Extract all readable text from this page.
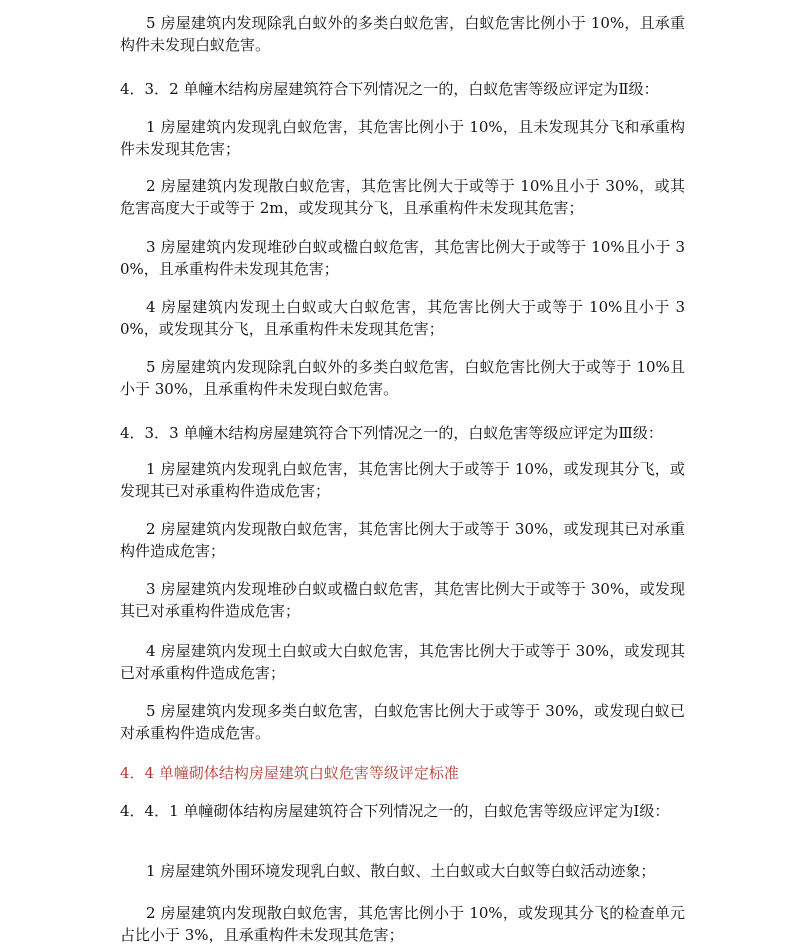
5 房屋建筑内发现除乳白蚁外的多类白蚁危害，白蚁危害比例小于 10%，且承重构件未发现白蚁危害。

4．3．2 单幢木结构房屋建筑符合下列情况之一的，白蚁危害等级应评定为Ⅱ级：

1 房屋建筑内发现乳白蚁危害，其危害比例小于 10%，且未发现其分飞和承重构件未发现其危害；

2 房屋建筑内发现散白蚁危害，其危害比例大于或等于 10%且小于 30%，或其危害高度大于或等于 2m，或发现其分飞，且承重构件未发现其危害；

3 房屋建筑内发现堆砂白蚁或楹白蚁危害，其危害比例大于或等于 10%且小于 30%，且承重构件未发现其危害；

4 房屋建筑内发现土白蚁或大白蚁危害，其危害比例大于或等于 10%且小于 30%，或发现其分飞，且承重构件未发现其危害；

5 房屋建筑内发现除乳白蚁外的多类白蚁危害，白蚁危害比例大于或等于 10%且小于 30%，且承重构件未发现白蚁危害。

4．3．3 单幢木结构房屋建筑符合下列情况之一的，白蚁危害等级应评定为Ⅲ级：

1 房屋建筑内发现乳白蚁危害，其危害比例大于或等于 10%，或发现其分飞，或发现其已对承重构件造成危害；

2 房屋建筑内发现散白蚁危害，其危害比例大于或等于 30%，或发现其已对承重构件造成危害；

3 房屋建筑内发现堆砂白蚁或楹白蚁危害，其危害比例大于或等于 30%，或发现其已对承重构件造成危害；

4 房屋建筑内发现土白蚁或大白蚁危害，其危害比例大于或等于 30%，或发现其已对承重构件造成危害；

5 房屋建筑内发现多类白蚁危害，白蚁危害比例大于或等于 30%，或发现白蚁已对承重构件造成危害。

4．4 单幢砌体结构房屋建筑白蚁危害等级评定标准

4．4．1 单幢砌体结构房屋建筑符合下列情况之一的，白蚁危害等级应评定为Ⅰ级：

1 房屋建筑外围环境发现乳白蚁、散白蚁、土白蚁或大白蚁等白蚁活动迹象；

2 房屋建筑内发现散白蚁危害，其危害比例小于 10%，或发现其分飞的检查单元占比小于 3%，且承重构件未发现其危害；
